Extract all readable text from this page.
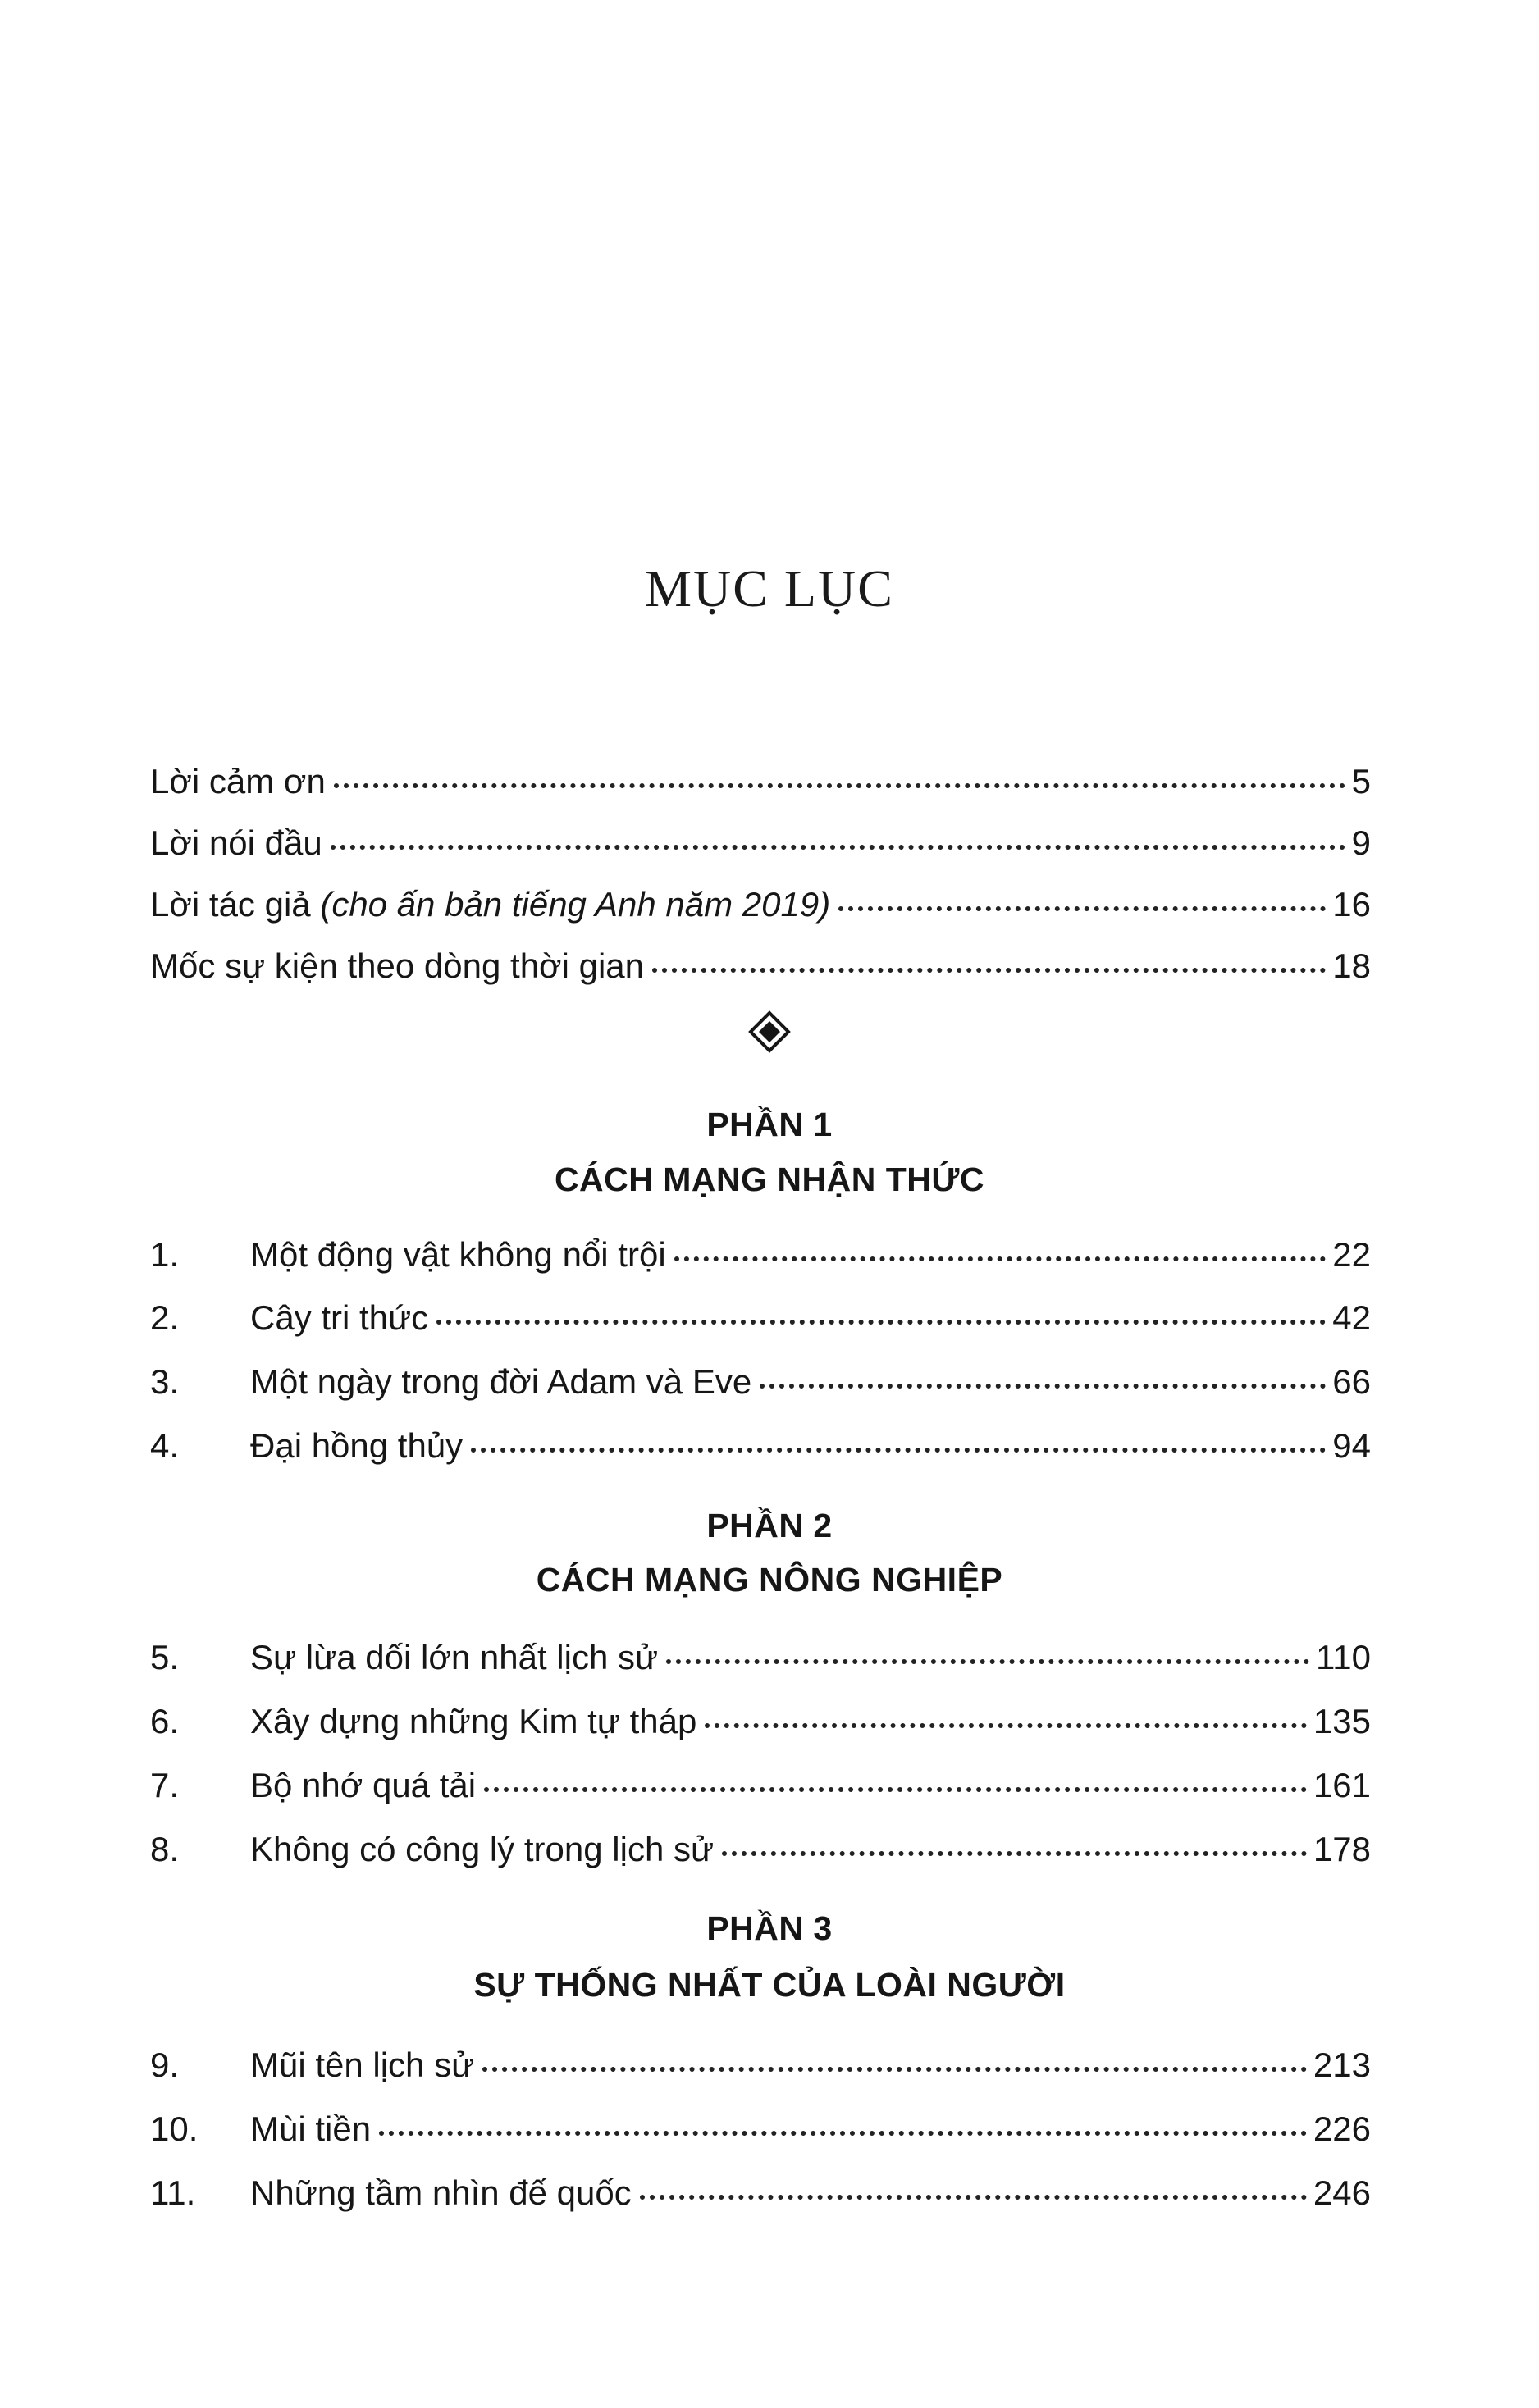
MỤC LỤC
Lời cảm ơn	5
Lời nói đầu	9
Lời tác giả (cho ấn bản tiếng Anh năm 2019)	16
Mốc sự kiện theo dòng thời gian	18
PHẦN 1
CÁCH MẠNG NHẬN THỨC
1.	Một động vật không nổi trội	22
2.	Cây tri thức	42
3.	Một ngày trong đời Adam và Eve	66
4.	Đại hồng thủy	94
PHẦN 2
CÁCH MẠNG NÔNG NGHIỆP
5.	Sự lừa dối lớn nhất lịch sử	110
6.	Xây dựng những Kim tự tháp	135
7.	Bộ nhớ quá tải	161
8.	Không có công lý trong lịch sử	178
PHẦN 3
SỰ THỐNG NHẤT CỦA LOÀI NGƯỜI
9.	Mũi tên lịch sử	213
10.	Mùi tiền	226
11.	Những tầm nhìn đế quốc	246
